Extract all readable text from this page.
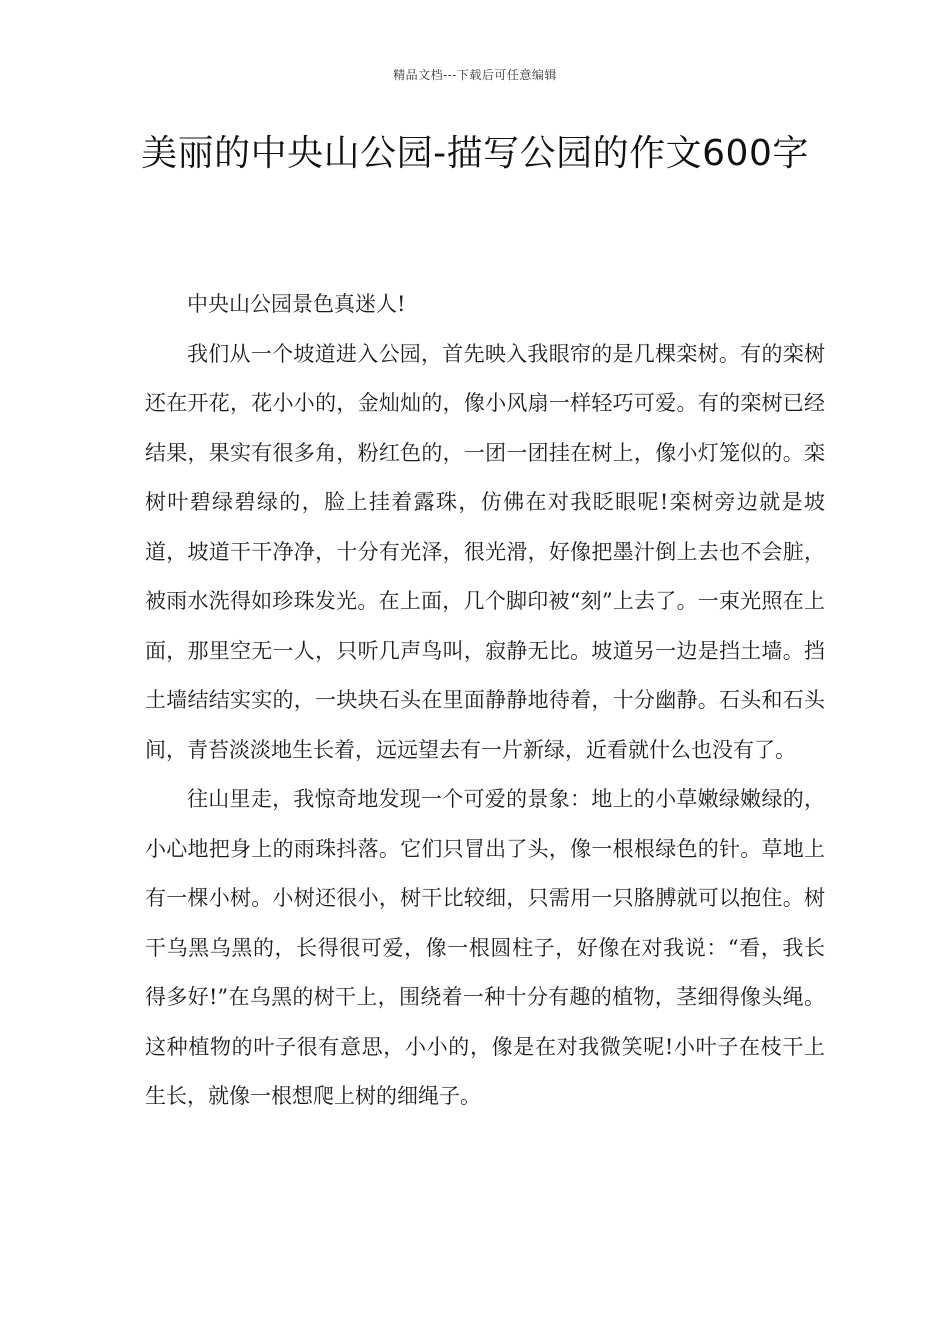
精品文档---下载后可任意编辑
美丽的中央山公园-描写公园的作文600字

中央山公园景色真迷人!

我们从一个坡道进入公园，首先映入我眼帘的是几棵栾树。有的栾树还在开花，花小小的，金灿灿的，像小风扇一样轻巧可爱。有的栾树已经结果，果实有很多角，粉红色的，一团一团挂在树上，像小灯笼似的。栾树叶碧绿碧绿的，脸上挂着露珠，仿佛在对我眨眼呢!栾树旁边就是坡道，坡道干干净净，十分有光泽，很光滑，好像把墨汁倒上去也不会脏，被雨水洗得如珍珠发光。在上面，几个脚印被“刻”上去了。一束光照在上面，那里空无一人，只听几声鸟叫，寂静无比。坡道另一边是挡土墙。挡土墙结结实实的，一块块石头在里面静静地待着，十分幽静。石头和石头间，青苔淡淡地生长着，远远望去有一片新绿，近看就什么也没有了。

往山里走，我惊奇地发现一个可爱的景象：地上的小草嫩绿嫩绿的，小心地把身上的雨珠抖落。它们只冒出了头，像一根根绿色的针。草地上有一棵小树。小树还很小，树干比较细，只需用一只胳膊就可以抱住。树干乌黑乌黑的，长得很可爱，像一根圆柱子，好像在对我说：“看，我长得多好!”在乌黑的树干上，围绕着一种十分有趣的植物，茎细得像头绳。这种植物的叶子很有意思，小小的，像是在对我微笑呢!小叶子在枝干上生长，就像一根想爬上树的细绳子。
